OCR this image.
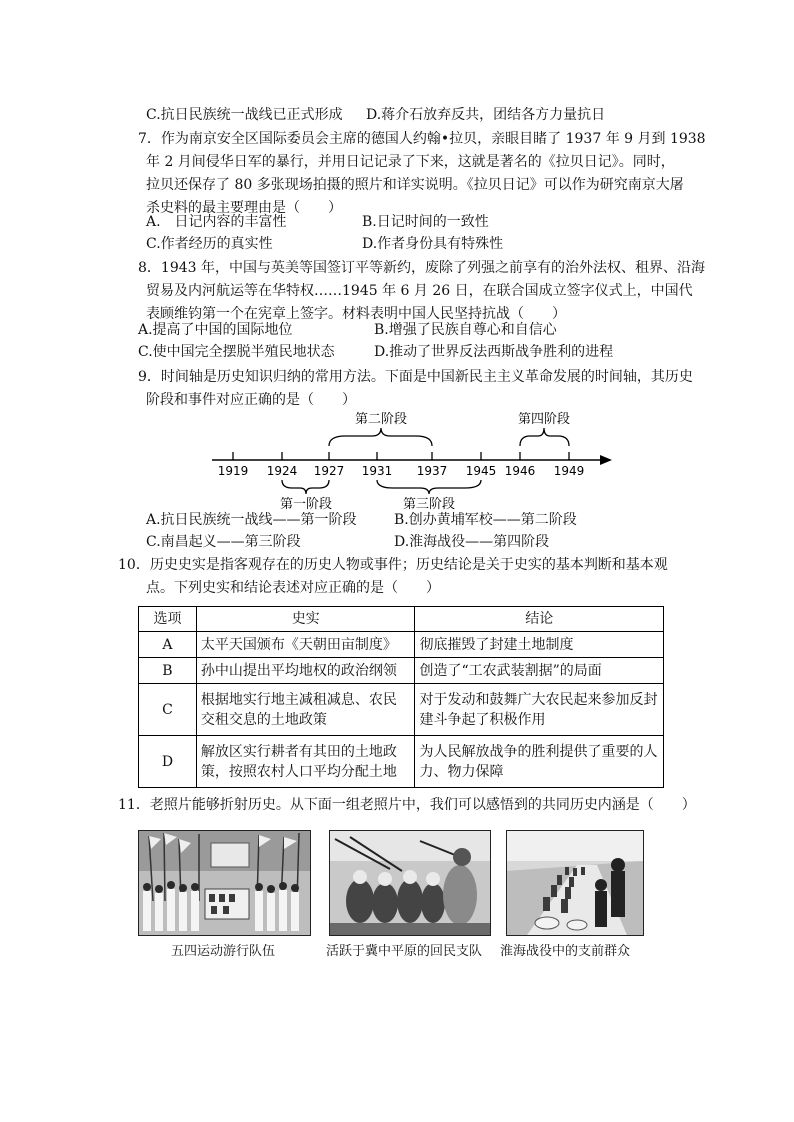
C.抗日民族统一战线已正式形成 D.蒋介石放弃反共，团结各方力量抗日
7．作为南京安全区国际委员会主席的德国人约翰•拉贝，亲眼目睹了 1937 年 9 月到 1938
年 2 月间侵华日军的暴行，并用日记记录了下来，这就是著名的《拉贝日记》。同时，
拉贝还保存了 80 多张现场拍摄的照片和详实说明。《拉贝日记》可以作为研究南京大屠
杀史料的最主要理由是（　　）
A.　日记内容的丰富性	B.日记时间的一致性
C.作者经历的真实性	D.作者身份具有特殊性
8．1943 年，中国与英美等国签订平等新约，废除了列强之前享有的治外法权、租界、沿海
贸易及内河航运等在华特权……1945 年 6 月 26 日，在联合国成立签字仪式上，中国代
表顾维钧第一个在宪章上签字。材料表明中国人民坚持抗战（　　）
A.提高了中国的国际地位	B.增强了民族自尊心和自信心
C.使中国完全摆脱半殖民地状态	D.推动了世界反法西斯战争胜利的进程
9．时间轴是历史知识归纳的常用方法。下面是中国新民主主义革命发展的时间轴，其历史
阶段和事件对应正确的是（　　）
1919 1924 1927 1931 1937 1945 1946 1949
第二阶段	第四阶段
第一阶段	第三阶段
A.抗日民族统一战线——第一阶段	B.创办黄埔军校——第二阶段
C.南昌起义——第三阶段	D.淮海战役——第四阶段
10．历史史实是指客观存在的历史人物或事件；历史结论是关于史实的基本判断和基本观
点。下列史实和结论表述对应正确的是（　　）
选项	史实	结论
A	太平天国颁布《天朝田亩制度》	彻底摧毁了封建土地制度
B	孙中山提出平均地权的政治纲领	创造了“工农武装割据”的局面
C	根据地实行地主减租减息、农民交租交息的土地政策	对于发动和鼓舞广大农民起来参加反封建斗争起了积极作用
D	解放区实行耕者有其田的土地政策，按照农村人口平均分配土地	为人民解放战争的胜利提供了重要的人力、物力保障
11．老照片能够折射历史。从下面一组老照片中，我们可以感悟到的共同历史内涵是（　　）
五四运动游行队伍	活跃于冀中平原的回民支队 淮海战役中的支前群众
